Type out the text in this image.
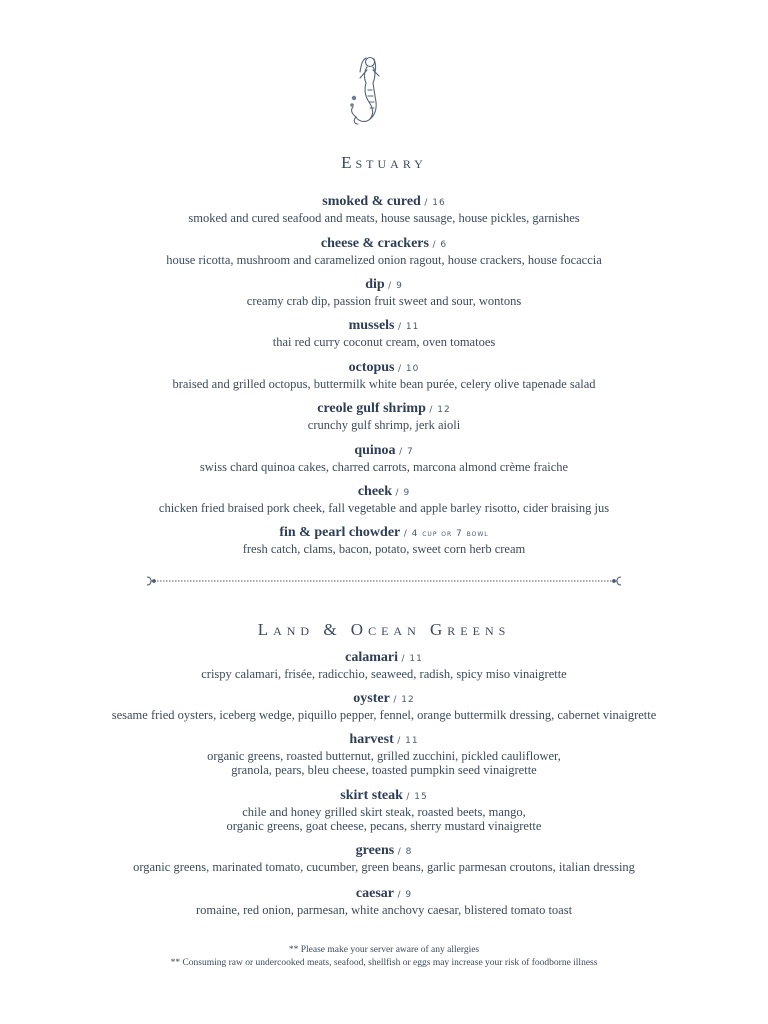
Estuary
smoked & cured / 16
smoked and cured seafood and meats, house sausage, house pickles, garnishes
cheese & crackers / 6
house ricotta, mushroom and caramelized onion ragout, house crackers, house focaccia
dip / 9
creamy crab dip, passion fruit sweet and sour, wontons
mussels / 11
thai red curry coconut cream, oven tomatoes
octopus / 10
braised and grilled octopus, buttermilk white bean purée, celery olive tapenade salad
creole gulf shrimp / 12
crunchy gulf shrimp, jerk aioli
quinoa / 7
swiss chard quinoa cakes, charred carrots, marcona almond crème fraiche
cheek / 9
chicken fried braised pork cheek, fall vegetable and apple barley risotto, cider braising jus
fin & pearl chowder / 4 cup or 7 bowl
fresh catch, clams, bacon, potato, sweet corn herb cream
Land & Ocean Greens
calamari / 11
crispy calamari, frisée, radicchio, seaweed, radish, spicy miso vinaigrette
oyster / 12
sesame fried oysters, iceberg wedge, piquillo pepper, fennel, orange buttermilk dressing, cabernet vinaigrette
harvest / 11
organic greens, roasted butternut, grilled zucchini, pickled cauliflower,
granola, pears, bleu cheese, toasted pumpkin seed vinaigrette
skirt steak / 15
chile and honey grilled skirt steak, roasted beets, mango,
organic greens, goat cheese, pecans, sherry mustard vinaigrette
greens / 8
organic greens, marinated tomato, cucumber, green beans, garlic parmesan croutons, italian dressing
caesar / 9
romaine, red onion, parmesan, white anchovy caesar, blistered tomato toast
** Please make your server aware of any allergies
** Consuming raw or undercooked meats, seafood, shellfish or eggs may increase your risk of foodborne illness
